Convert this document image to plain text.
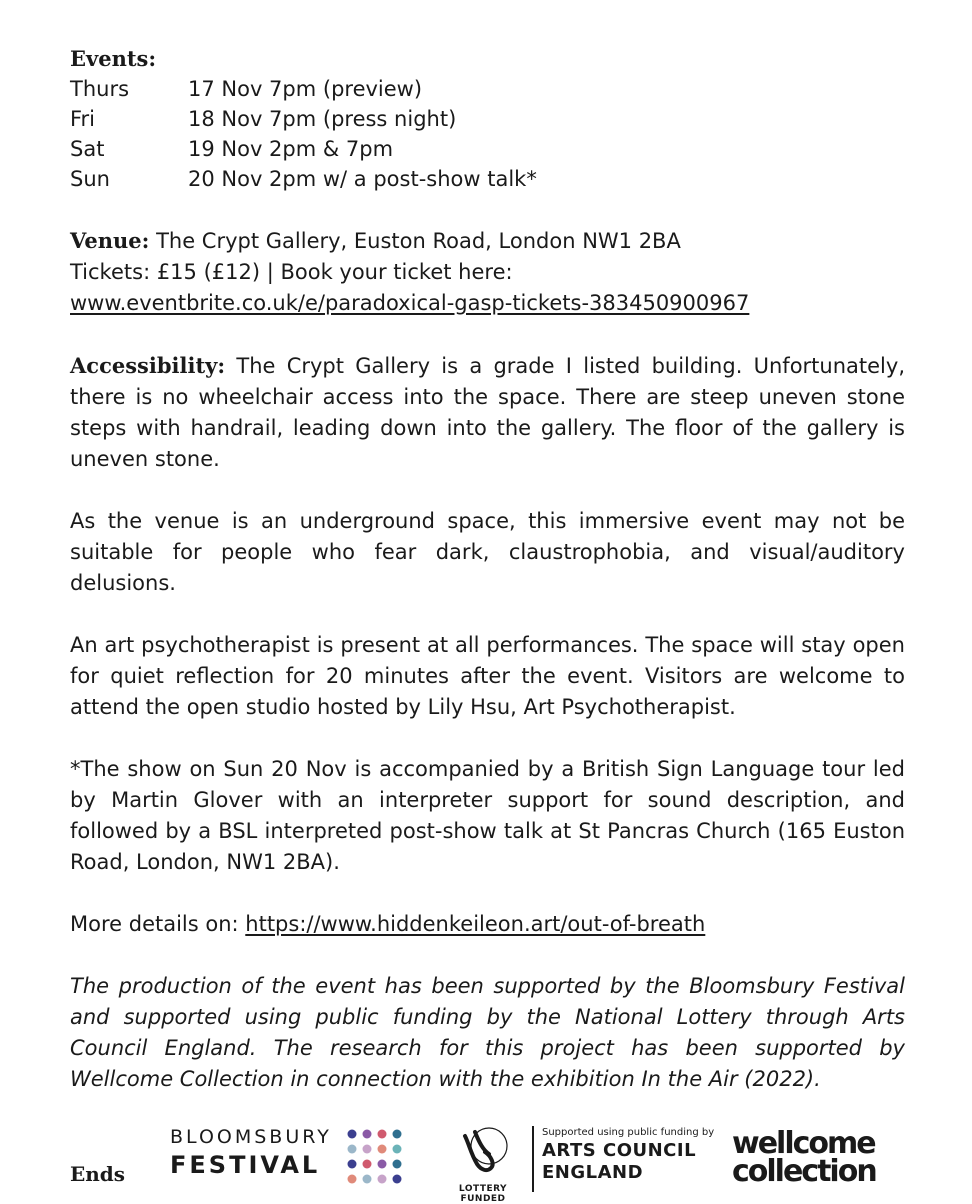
Events:

Thurs	17 Nov 7pm (preview)
Fri	18 Nov 7pm (press night)
Sat	19 Nov 2pm & 7pm
Sun	20 Nov 2pm w/ a post-show talk*

Venue: The Crypt Gallery, Euston Road, London NW1 2BA

Tickets: £15 (£12) | Book your ticket here:

www.eventbrite.co.uk/e/paradoxical-gasp-tickets-383450900967

Accessibility: The Crypt Gallery is a grade I listed building. Unfortunately, there is no wheelchair access into the space. There are steep uneven stone steps with handrail, leading down into the gallery. The floor of the gallery is uneven stone.

As the venue is an underground space, this immersive event may not be suitable for people who fear dark, claustrophobia, and visual/auditory delusions.

An art psychotherapist is present at all performances. The space will stay open for quiet reflection for 20 minutes after the event. Visitors are welcome to attend the open studio hosted by Lily Hsu, Art Psychotherapist.

*The show on Sun 20 Nov is accompanied by a British Sign Language tour led by Martin Glover with an interpreter support for sound description, and followed by a BSL interpreted post-show talk at St Pancras Church (165 Euston Road, London, NW1 2BA).

More details on: https://www.hiddenkeileon.art/out-of-breath

The production of the event has been supported by the Bloomsbury Festival and supported using public funding by the National Lottery through Arts Council England. The research for this project has been supported by Wellcome Collection in connection with the exhibition In the Air (2022).

Ends
BLOOMSBURY
FESTIVAL
LOTTERY FUNDED
Supported using public funding by
ARTS COUNCIL
ENGLAND
wellcome
collection
